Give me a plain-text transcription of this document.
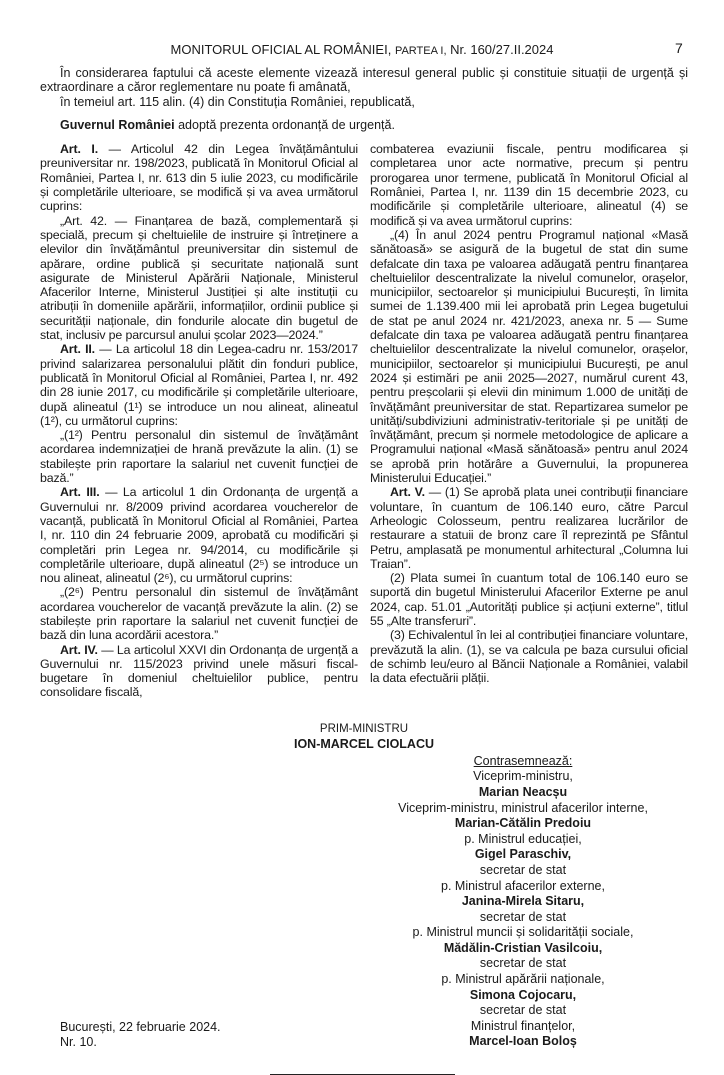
MONITORUL OFICIAL AL ROMÂNIEI, PARTEA I, Nr. 160/27.II.2024	7

În considerarea faptului că aceste elemente vizează interesul general public și constituie situații de urgență și extraordinare a căror reglementare nu poate fi amânată,

în temeiul art. 115 alin. (4) din Constituția României, republicată,

Guvernul României adoptă prezenta ordonanță de urgență.

Art. I. — Articolul 42 din Legea învățământului preuniversitar nr. 198/2023, publicată în Monitorul Oficial al României, Partea I, nr. 613 din 5 iulie 2023, cu modificările și completările ulterioare, se modifică și va avea următorul cuprins:

„Art. 42. — Finanțarea de bază, complementară și specială, precum și cheltuielile de instruire și întreținere a elevilor din învățământul preuniversitar din sistemul de apărare, ordine publică și securitate națională sunt asigurate de Ministerul Apărării Naționale, Ministerul Afacerilor Interne, Ministerul Justiției și alte instituții cu atribuții în domeniile apărării, informațiilor, ordinii publice și securității naționale, din fondurile alocate din bugetul de stat, inclusiv pe parcursul anului școlar 2023—2024.”

Art. II. — La articolul 18 din Legea-cadru nr. 153/2017 privind salarizarea personalului plătit din fonduri publice, publicată în Monitorul Oficial al României, Partea I, nr. 492 din 28 iunie 2017, cu modificările și completările ulterioare, după alineatul (1¹) se introduce un nou alineat, alineatul (1²), cu următorul cuprins:

„(1²) Pentru personalul din sistemul de învățământ acordarea indemnizației de hrană prevăzute la alin. (1) se stabilește prin raportare la salariul net cuvenit funcției de bază.”

Art. III. — La articolul 1 din Ordonanța de urgență a Guvernului nr. 8/2009 privind acordarea voucherelor de vacanță, publicată în Monitorul Oficial al României, Partea I, nr. 110 din 24 februarie 2009, aprobată cu modificări și completări prin Legea nr. 94/2014, cu modificările și completările ulterioare, după alineatul (2⁵) se introduce un nou alineat, alineatul (2⁶), cu următorul cuprins:

„(2⁶) Pentru personalul din sistemul de învățământ acordarea voucherelor de vacanță prevăzute la alin. (2) se stabilește prin raportare la salariul net cuvenit funcției de bază din luna acordării acestora.”

Art. IV. — La articolul XXVI din Ordonanța de urgență a Guvernului nr. 115/2023 privind unele măsuri fiscal-bugetare în domeniul cheltuielilor publice, pentru consolidare fiscală,

combaterea evaziunii fiscale, pentru modificarea și completarea unor acte normative, precum și pentru prorogarea unor termene, publicată în Monitorul Oficial al României, Partea I, nr. 1139 din 15 decembrie 2023, cu modificările și completările ulterioare, alineatul (4) se modifică și va avea următorul cuprins:

„(4) În anul 2024 pentru Programul național «Masă sănătoasă» se asigură de la bugetul de stat din sume defalcate din taxa pe valoarea adăugată pentru finanțarea cheltuielilor descentralizate la nivelul comunelor, orașelor, municipiilor, sectoarelor și municipiului București, în limita sumei de 1.139.400 mii lei aprobată prin Legea bugetului de stat pe anul 2024 nr. 421/2023, anexa nr. 5 — Sume defalcate din taxa pe valoarea adăugată pentru finanțarea cheltuielilor descentralizate la nivelul comunelor, orașelor, municipiilor, sectoarelor și municipiului București, pe anul 2024 și estimări pe anii 2025—2027, numărul curent 43, pentru preșcolarii și elevii din minimum 1.000 de unități de învățământ preuniversitar de stat. Repartizarea sumelor pe unități/subdiviziuni administrativ-teritoriale și pe unități de învățământ, precum și normele metodologice de aplicare a Programului național «Masă sănătoasă» pentru anul 2024 se aprobă prin hotărâre a Guvernului, la propunerea Ministerului Educației.”

Art. V. — (1) Se aprobă plata unei contribuții financiare voluntare, în cuantum de 106.140 euro, către Parcul Arheologic Colosseum, pentru realizarea lucrărilor de restaurare a statuii de bronz care îl reprezintă pe Sfântul Petru, amplasată pe monumentul arhitectural „Columna lui Traian”.

(2) Plata sumei în cuantum total de 106.140 euro se suportă din bugetul Ministerului Afacerilor Externe pe anul 2024, cap. 51.01 „Autorități publice și acțiuni externe”, titlul 55 „Alte transferuri”.

(3) Echivalentul în lei al contribuției financiare voluntare, prevăzută la alin. (1), se va calcula pe baza cursului oficial de schimb leu/euro al Băncii Naționale a României, valabil la data efectuării plății.

PRIM-MINISTRU
ION-MARCEL CIOLACU
București, 22 februarie 2024.
Nr. 10.
Contrasemnează:
Viceprim-ministru,
Marian Neacșu
Viceprim-ministru, ministrul afacerilor interne,
Marian-Cătălin Predoiu
p. Ministrul educației,
Gigel Paraschiv,
secretar de stat
p. Ministrul afacerilor externe,
Janina-Mirela Sitaru,
secretar de stat
p. Ministrul muncii și solidarității sociale,
Mădălin-Cristian Vasilcoiu,
secretar de stat
p. Ministrul apărării naționale,
Simona Cojocaru,
secretar de stat
Ministrul finanțelor,
Marcel-Ioan Boloș
